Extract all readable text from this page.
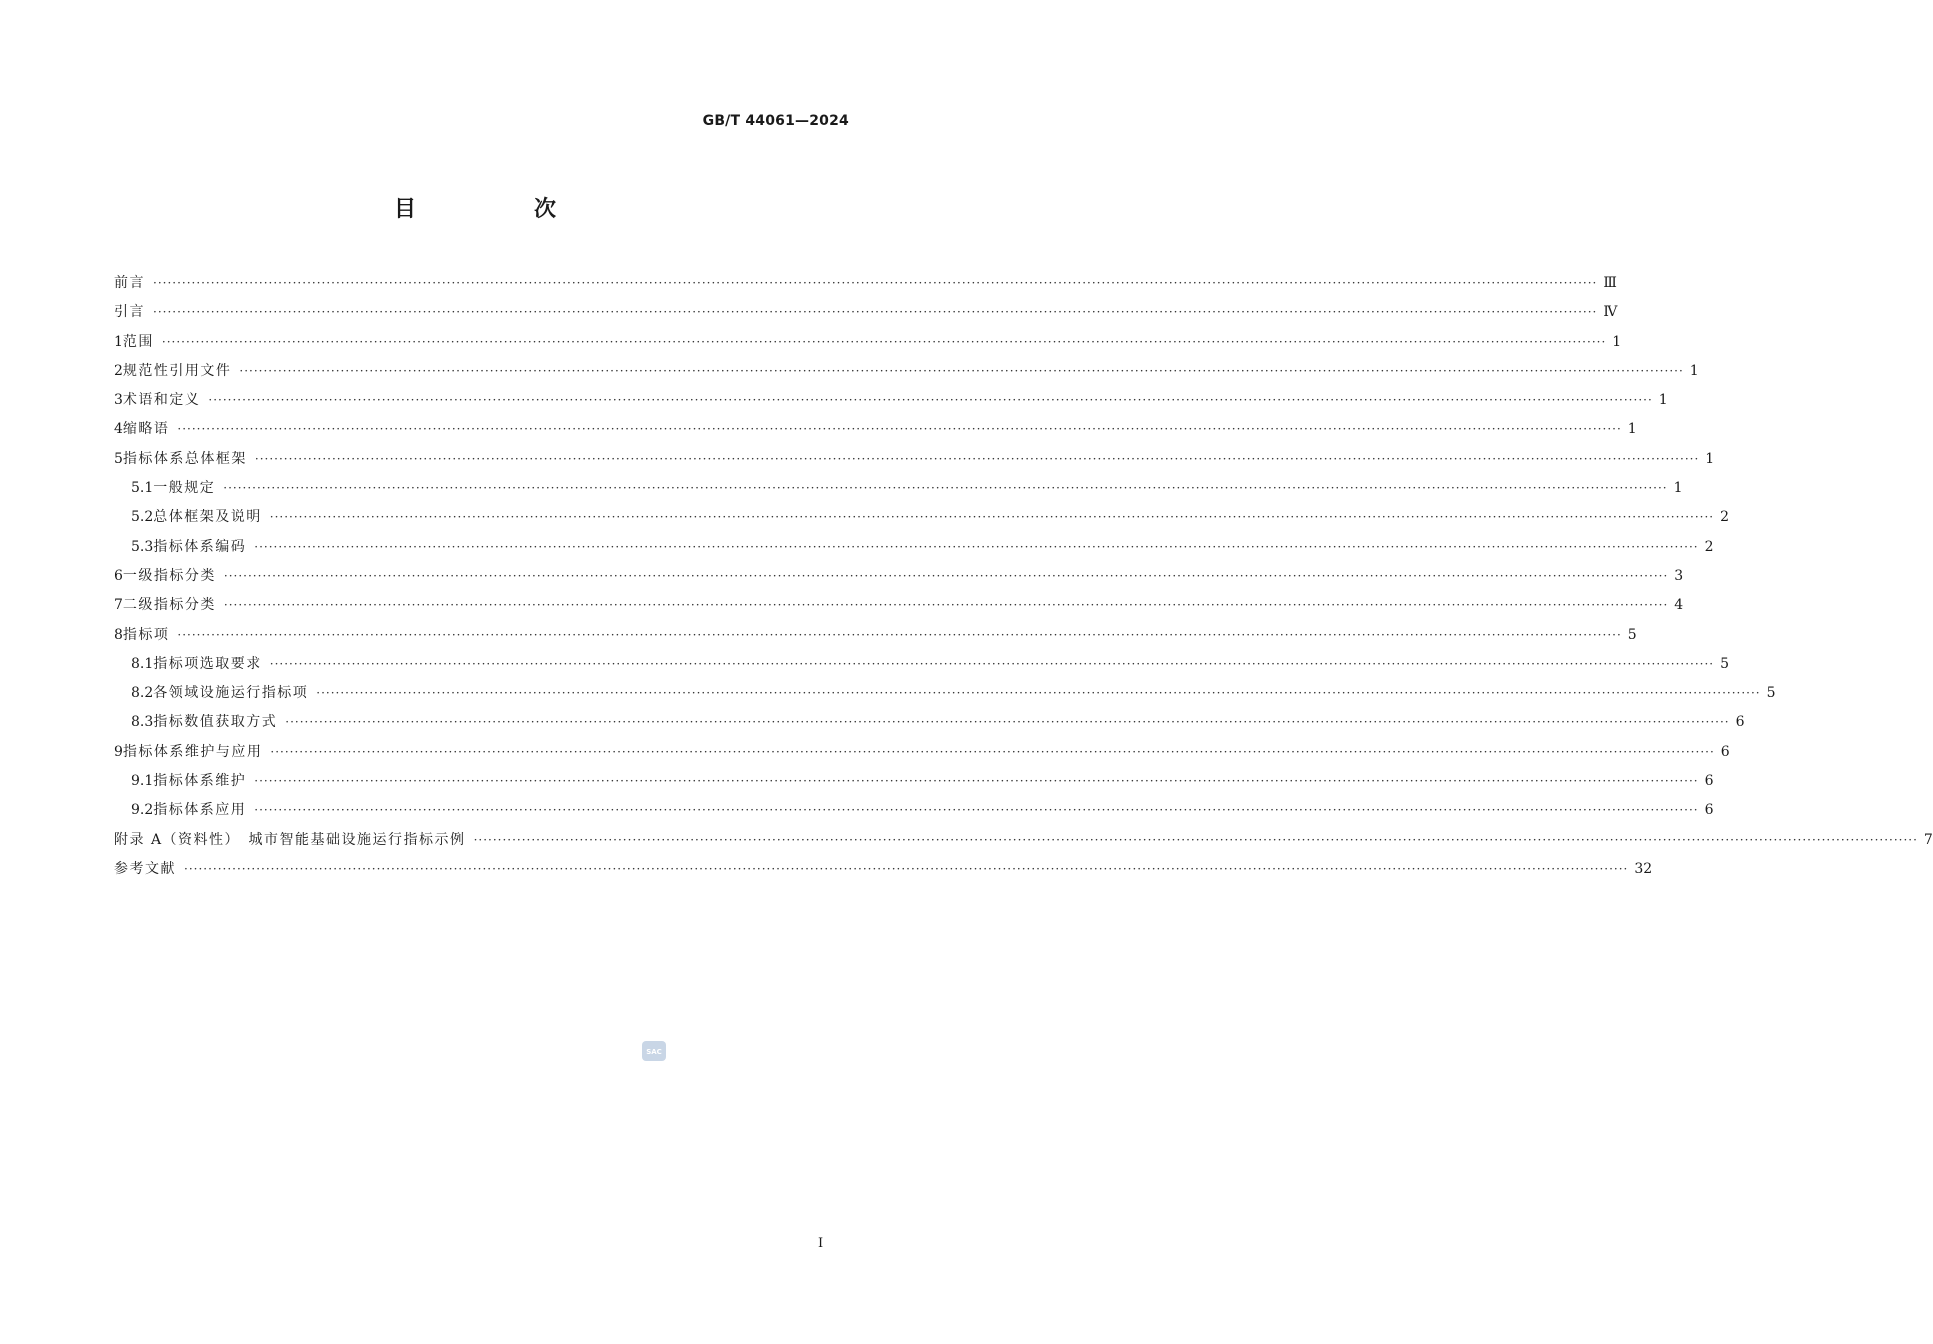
GB/T 44061—2024
目　次
前言 ············································································································································································································································································································ Ⅲ
引言 ············································································································································································································································································································ Ⅳ
1 范围 ············································································································································································································································································································ 1
2 规范性引用文件 ············································································································································································································································································································ 1
3 术语和定义 ············································································································································································································································································································ 1
4 缩略语 ············································································································································································································································································································ 1
5 指标体系总体框架 ············································································································································································································································································································ 1
5.1 一般规定 ············································································································································································································································································································ 1
5.2 总体框架及说明 ············································································································································································································································································································ 2
5.3 指标体系编码 ············································································································································································································································································································ 2
6 一级指标分类 ············································································································································································································································································································ 3
7 二级指标分类 ············································································································································································································································································································ 4
8 指标项 ············································································································································································································································································································ 5
8.1 指标项选取要求 ············································································································································································································································································································ 5
8.2 各领域设施运行指标项 ············································································································································································································································································································ 5
8.3 指标数值获取方式 ············································································································································································································································································································ 6
9 指标体系维护与应用 ············································································································································································································································································································ 6
9.1 指标体系维护 ············································································································································································································································································································ 6
9.2 指标体系应用 ············································································································································································································································································································ 6
附录 A（资料性）　城市智能基础设施运行指标示例 ············································································································································································································································································································ 7
参考文献 ············································································································································································································································································································ 32
SAC
Ⅰ
